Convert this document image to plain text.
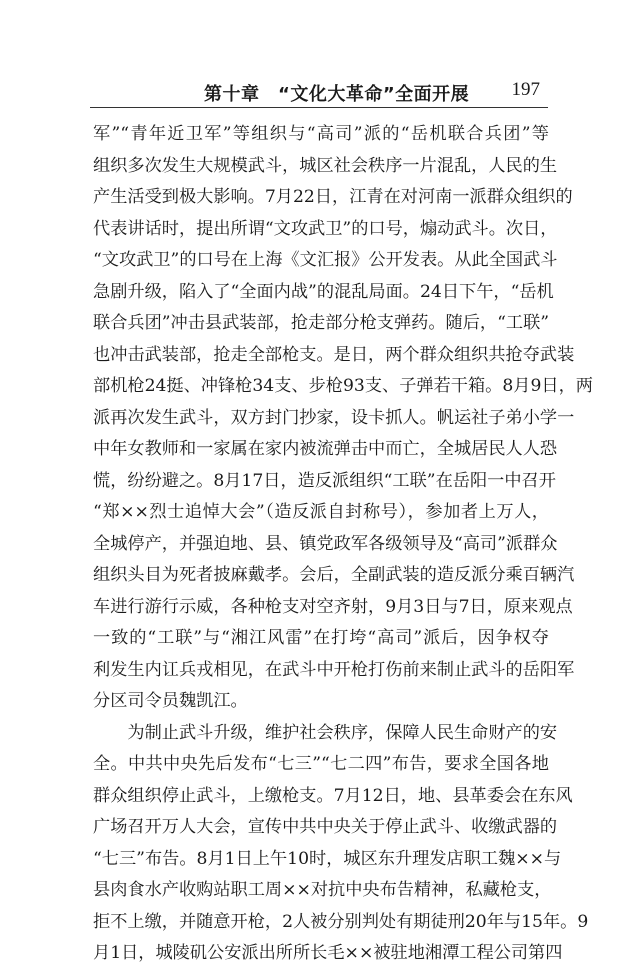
第十章　“文化大革命”全面开展 197
军”“青年近卫军”等组织与“高司”派的“岳机联合兵团”等
组织多次发生大规模武斗，城区社会秩序一片混乱，人民的生
产生活受到极大影响。7月22日，江青在对河南一派群众组织的
代表讲话时，提出所谓“文攻武卫”的口号，煽动武斗。次日，
“文攻武卫”的口号在上海《文汇报》公开发表。从此全国武斗
急剧升级，陷入了“全面内战”的混乱局面。24日下午，“岳机
联合兵团”冲击县武装部，抢走部分枪支弹药。随后，“工联”
也冲击武装部，抢走全部枪支。是日，两个群众组织共抢夺武装
部机枪24挺、冲锋枪34支、步枪93支、子弹若干箱。8月9日，两
派再次发生武斗，双方封门抄家，设卡抓人。帆运社子弟小学一
中年女教师和一家属在家内被流弹击中而亡，全城居民人人恐
慌，纷纷避之。8月17日，造反派组织“工联”在岳阳一中召开
“郑××烈士追悼大会”（造反派自封称号），参加者上万人，
全城停产，并强迫地、县、镇党政军各级领导及“高司”派群众
组织头目为死者披麻戴孝。会后，全副武装的造反派分乘百辆汽
车进行游行示威，各种枪支对空齐射，9月3日与7日，原来观点
一致的“工联”与“湘江风雷”在打垮“高司”派后，因争权夺
利发生内讧兵戎相见，在武斗中开枪打伤前来制止武斗的岳阳军
分区司令员魏凯江。
　　为制止武斗升级，维护社会秩序，保障人民生命财产的安
全。中共中央先后发布“七三”“七二四”布告，要求全国各地
群众组织停止武斗，上缴枪支。7月12日，地、县革委会在东风
广场召开万人大会，宣传中共中央关于停止武斗、收缴武器的
“七三”布告。8月1日上午10时，城区东升理发店职工魏××与
县肉食水产收购站职工周××对抗中央布告精神，私藏枪支，
拒不上缴，并随意开枪，2人被分别判处有期徒刑20年与15年。9
月1日，城陵矶公安派出所所长毛××被驻地湘潭工程公司第四
